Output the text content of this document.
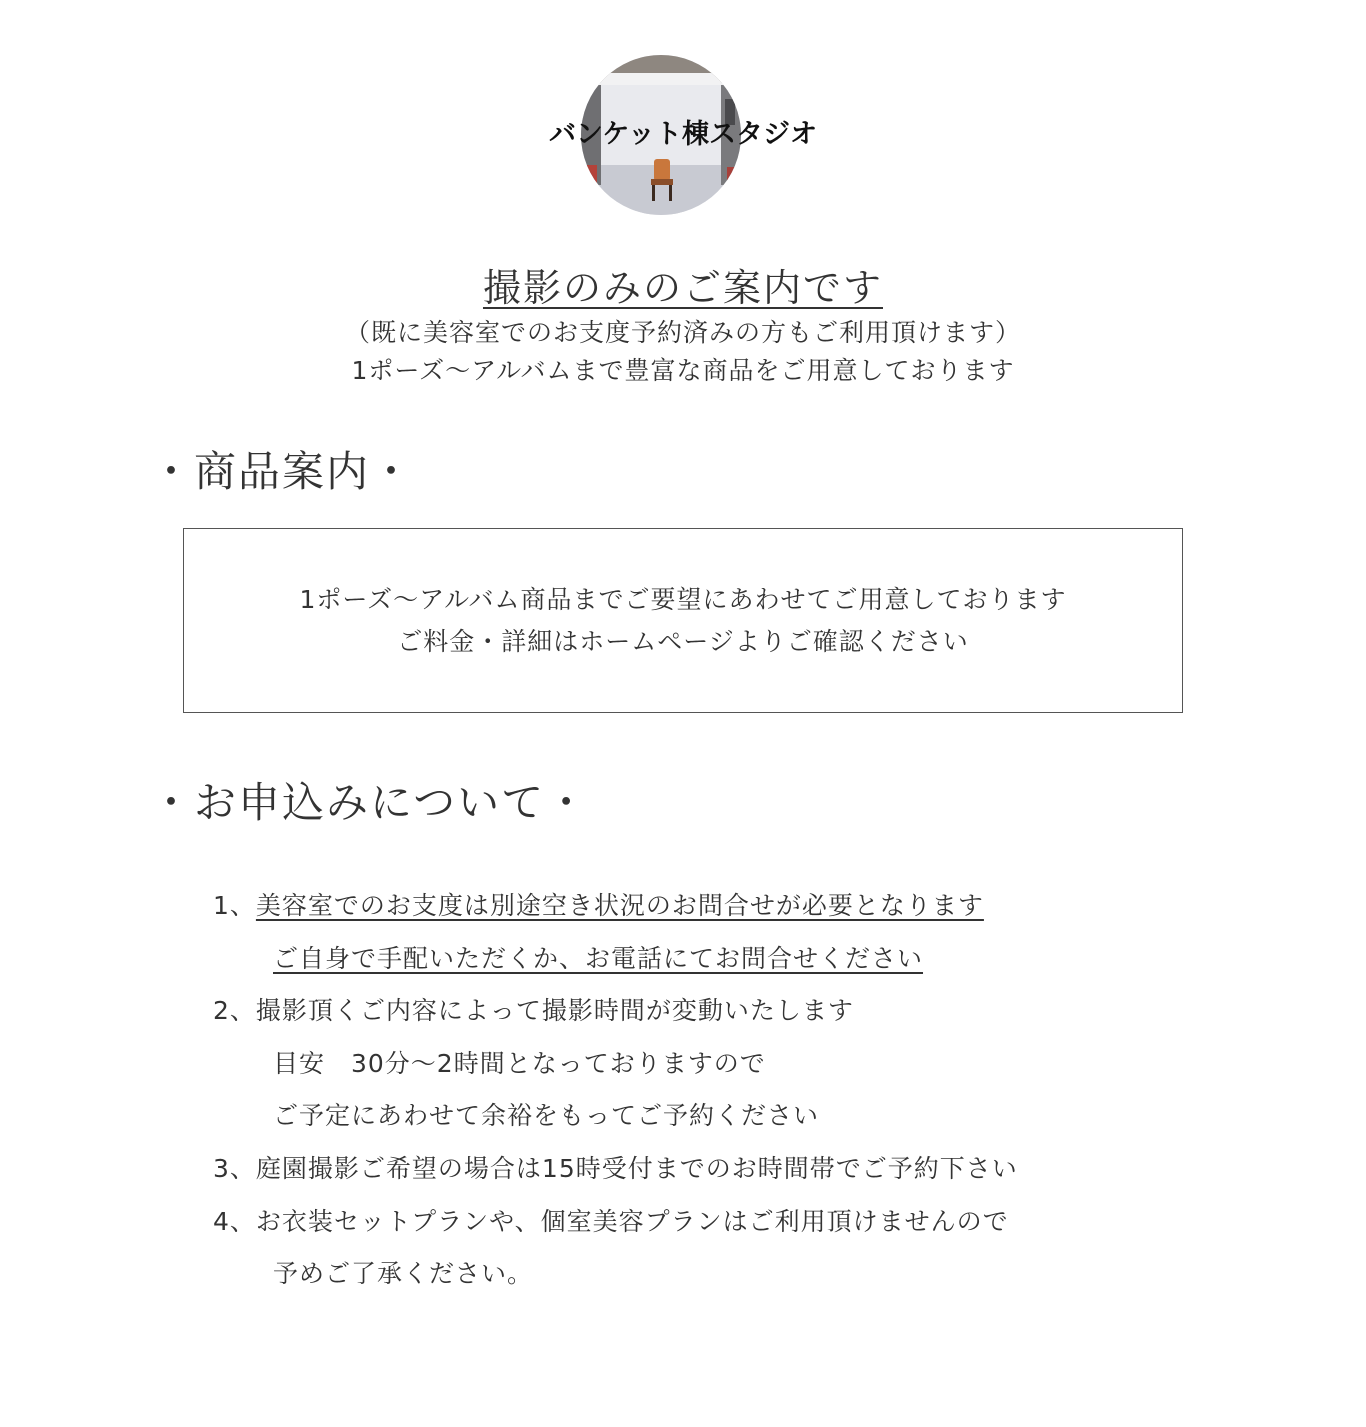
バンケット棟スタジオ
撮影のみのご案内です
（既に美容室でのお支度予約済みの方もご利用頂けます）
1ポーズ～アルバムまで豊富な商品をご用意しております
・商品案内・
1ポーズ～アルバム商品までご要望にあわせてご用意しております
ご料金・詳細はホームページよりご確認ください
・お申込みについて・
1、美容室でのお支度は別途空き状況のお問合せが必要となります
ご自身で手配いただくか、お電話にてお問合せください
2、撮影頂くご内容によって撮影時間が変動いたします
目安　30分～2時間となっておりますので
ご予定にあわせて余裕をもってご予約ください
3、庭園撮影ご希望の場合は15時受付までのお時間帯でご予約下さい
4、お衣装セットプランや、個室美容プランはご利用頂けませんので
予めご了承ください。
